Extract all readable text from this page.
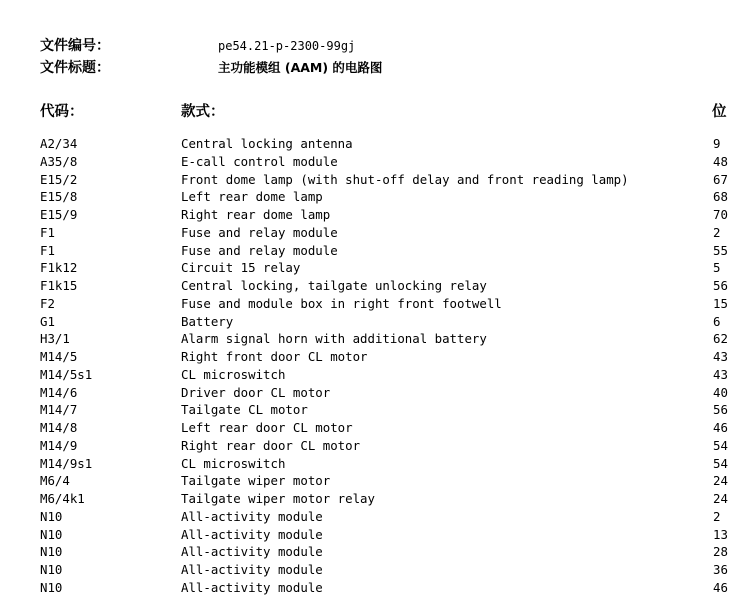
文件编号：	pe54.21-p-2300-99gj
文件标题：	主功能模组 (AAM) 的电路图
代码：	款式：	位
A2/34	Central locking antenna	9
A35/8	E-call control module	48
E15/2	Front dome lamp (with shut-off delay and front reading lamp)	67
E15/8	Left rear dome lamp	68
E15/9	Right rear dome lamp	70
F1	Fuse and relay module	2
F1	Fuse and relay module	55
F1k12	Circuit 15 relay	5
F1k15	Central locking, tailgate unlocking relay	56
F2	Fuse and module box in right front footwell	15
G1	Battery	6
H3/1	Alarm signal horn with additional battery	62
M14/5	Right front door CL motor	43
M14/5s1	CL microswitch	43
M14/6	Driver door CL motor	40
M14/7	Tailgate CL motor	56
M14/8	Left rear door CL motor	46
M14/9	Right rear door CL motor	54
M14/9s1	CL microswitch	54
M6/4	Tailgate wiper motor	24
M6/4k1	Tailgate wiper motor relay	24
N10	All-activity module	2
N10	All-activity module	13
N10	All-activity module	28
N10	All-activity module	36
N10	All-activity module	46
